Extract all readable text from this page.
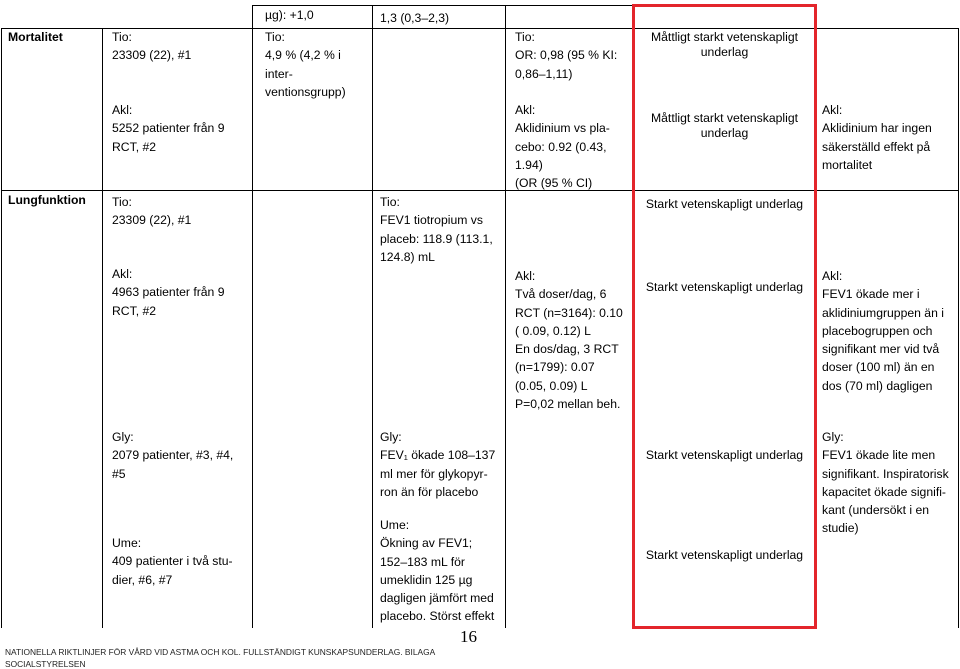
µg): +1,0	1,3 (0,3–2,3)
Mortalitet	Tio:
23309 (22), #1
Akl:
5252 patienter från 9
RCT, #2
Tio:
4,9 % (4,2 % i
inter-
ventionsgrupp)
Tio:
OR: 0,98 (95 % KI:
0,86–1,11)
Akl:
Aklidinium vs pla-
cebo: 0.92 (0.43,
1.94)
(OR (95 % CI)
Måttligt starkt vetenskapligt
underlag
Måttligt starkt vetenskapligt
underlag
Akl:
Aklidinium har ingen
säkerställd effekt på
mortalitet
Lungfunktion Tio:
23309 (22), #1
Akl:
4963 patienter från 9
RCT, #2
Gly:
2079 patienter, #3, #4,
#5
Ume:
409 patienter i två stu-
dier, #6, #7
Tio:
FEV1 tiotropium vs
placeb: 118.9 (113.1,
124.8) mL
Gly:
FEV₁ ökade 108–137
ml mer för glykopyr-
ron än för placebo
Ume:
Ökning av FEV1;
152–183 mL för
umeklidin 125 µg
dagligen jämfört med
placebo. Störst effekt
Akl:
Två doser/dag, 6
RCT (n=3164): 0.10
( 0.09, 0.12) L
En dos/dag, 3 RCT
(n=1799): 0.07
(0.05, 0.09) L
P=0,02 mellan beh.
Starkt vetenskapligt underlag
Starkt vetenskapligt underlag
Starkt vetenskapligt underlag
Starkt vetenskapligt underlag
Akl:
FEV1 ökade mer i
aklidiniumgruppen än i
placebogruppen och
signifikant mer vid två
doser (100 ml) än en
dos (70 ml) dagligen
Gly:
FEV1 ökade lite men
signifikant. Inspiratorisk
kapacitet ökade signifi-
kant (undersökt i en
studie)
16
NATIONELLA RIKTLINJER FÖR VÅRD VID ASTMA OCH KOL. FULLSTÄNDIGT KUNSKAPSUNDERLAG. BILAGA
SOCIALSTYRELSEN
